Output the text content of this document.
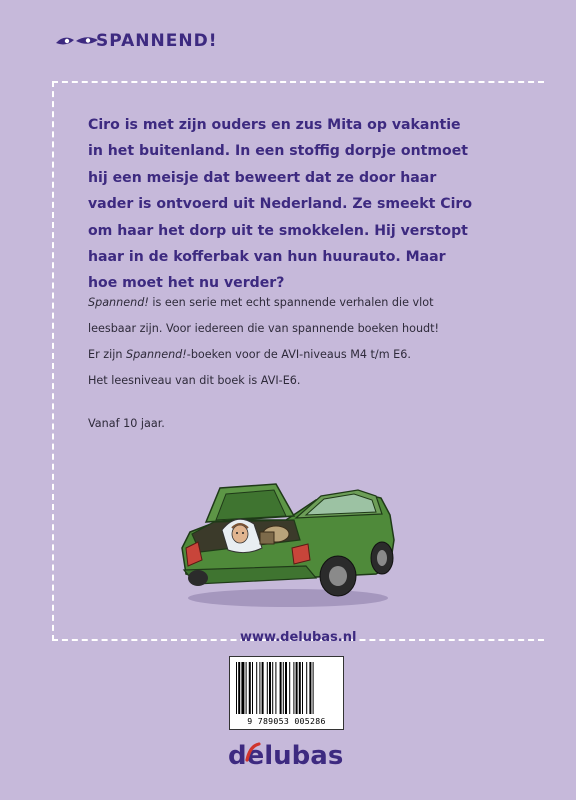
SPANNEND!

Ciro is met zijn ouders en zus Mita op vakantie in het buitenland. In een stoffig dorpje ontmoet hij een meisje dat beweert dat ze door haar vader is ontvoerd uit Nederland. Ze smeekt Ciro om haar het dorp uit te smokkelen. Hij verstopt haar in de kofferbak van hun huurauto. Maar hoe moet het nu verder?

Spannend! is een serie met echt spannende verhalen die vlot
leesbaar zijn. Voor iedereen die van spannende boeken houdt!
Er zijn Spannend!-boeken voor de AVI-niveaus M4 t/m E6.
Het leesniveau van dit boek is AVI-E6.
Vanaf 10 jaar.
www.delubas.nl
9 789053 005286
delubas
